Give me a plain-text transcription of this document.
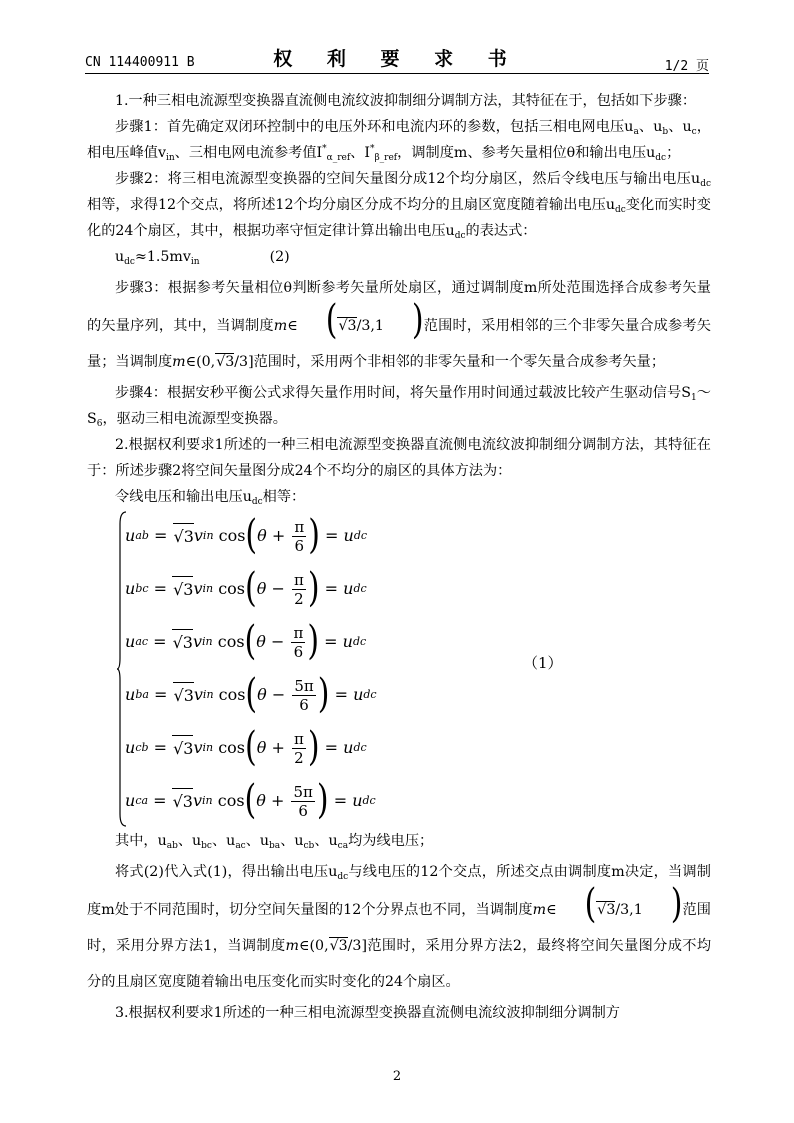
CN 114400911 B	权 利 要 求 书	1/2 页

1.一种三相电流源型变换器直流侧电流纹波抑制细分调制方法，其特征在于，包括如下步骤：

步骤1：首先确定双闭环控制中的电压外环和电流内环的参数，包括三相电网电压$u_a$、$u_b$、$u_c$，相电压峰值$v_{in}$、三相电网电流参考值$I^*_{\alpha\_ref}$、$I^*_{\beta\_ref}$，调制度m、参考矢量相位θ和输出电压$u_{dc}$；

步骤2：将三相电流源型变换器的空间矢量图分成12个均分扇区，然后令线电压与输出电压$u_{dc}$相等，求得12个交点，将所述12个均分扇区分成不均分的且扇区宽度随着输出电压$u_{dc}$变化而实时变化的24个扇区，其中，根据功率守恒定律计算出输出电压$u_{dc}$的表达式：

$u_{dc}\approx 1.5mv_{in}$	(2)

步骤3：根据参考矢量相位θ判断参考矢量所处扇区，通过调制度m所处范围选择合成参考矢量的矢量序列，其中，当调制度m∈ (√3/3,1 )范围时，采用相邻的三个非零矢量合成参考矢量；当调制度m∈(0,√3/3]范围时，采用两个非相邻的非零矢量和一个零矢量合成参考矢量；

步骤4：根据安秒平衡公式求得矢量作用时间，将矢量作用时间通过载波比较产生驱动信号$S_1\sim S_6$，驱动三相电流源型变换器。

2.根据权利要求1所述的一种三相电流源型变换器直流侧电流纹波抑制细分调制方法，其特征在于：所述步骤2将空间矢量图分成24个不均分的扇区的具体方法为：

令线电压和输出电压$u_{dc}$相等：

u ab = √3 v in cos ( θ
+
$\frac{\pi}{6}$ ) = u dc
u bc = √3 v in cos ( θ
−
$\frac{\pi}{2}$ ) = u dc
u ac = √3 v in cos ( θ
−
$\frac{\pi}{6}$ ) = u dc
u ba = √3 v in cos ( θ
−
$\frac{5\pi}{6}$ ) = u dc
u cb = √3 v in cos ( θ
+
$\frac{\pi}{2}$ ) = u dc
u ca = √3 v in cos ( θ
+
$\frac{5\pi}{6}$ ) = u dc
（1）

其中，$u_{ab}$、$u_{bc}$、$u_{ac}$、$u_{ba}$、$u_{cb}$、$u_{ca}$均为线电压；

将式(2)代入式(1)，得出输出电压$u_{dc}$与线电压的12个交点，所述交点由调制度m决定，当调制度m处于不同范围时，切分空间矢量图的12个分界点也不同，当调制度m∈ (√3/3,1 )范围时，采用分界方法1，当调制度m∈(0,√3/3]范围时，采用分界方法2，最终将空间矢量图分成不均分的且扇区宽度随着输出电压变化而实时变化的24个扇区。

3.根据权利要求1所述的一种三相电流源型变换器直流侧电流纹波抑制细分调制方

2
